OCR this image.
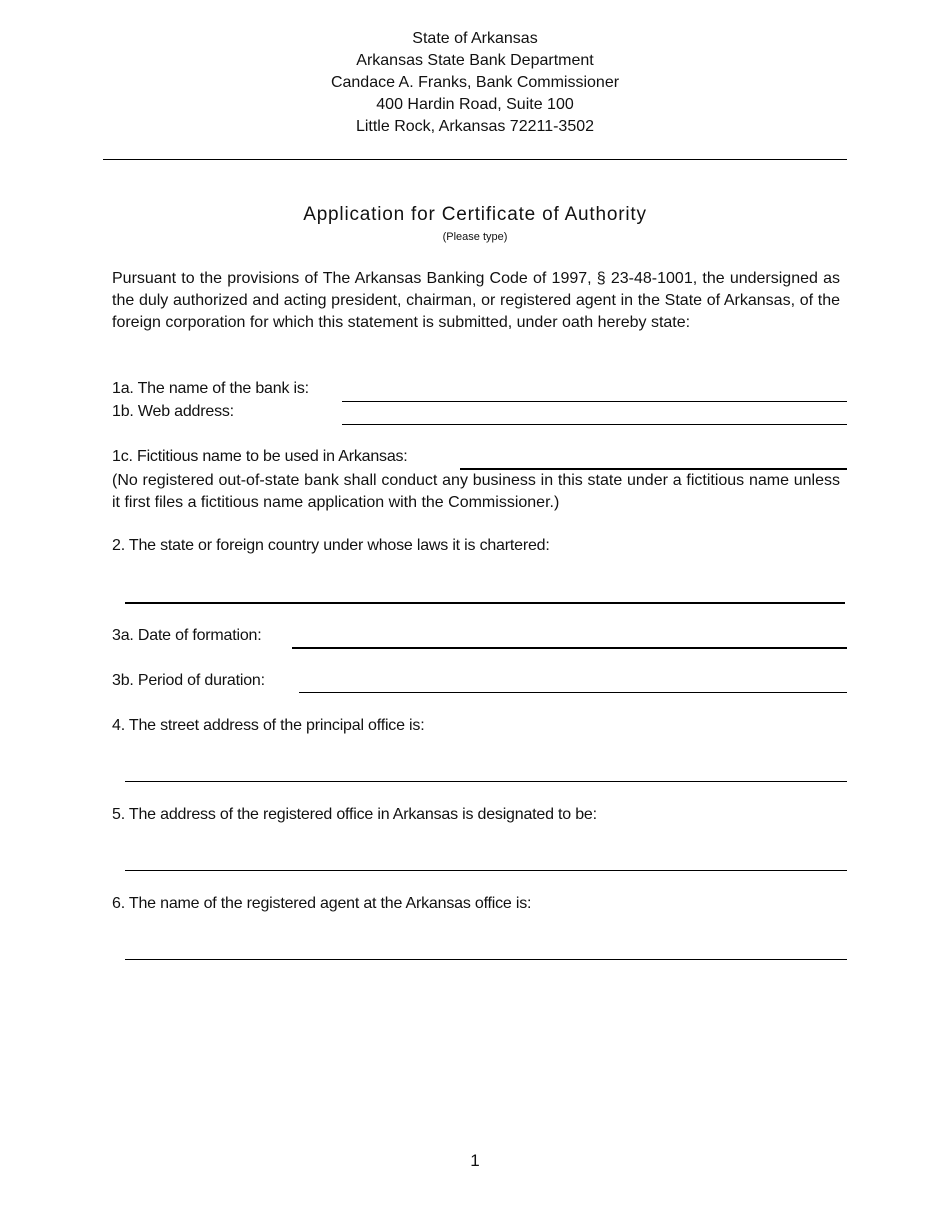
State of Arkansas
Arkansas State Bank Department
Candace A. Franks, Bank Commissioner
400 Hardin Road, Suite 100
Little Rock, Arkansas 72211-3502
Application for Certificate of Authority
(Please type)
Pursuant to the provisions of The Arkansas Banking Code of 1997, § 23-48-1001, the undersigned as the duly authorized and acting president, chairman, or registered agent in the State of Arkansas, of the foreign corporation for which this statement is submitted, under oath hereby state:
1a. The name of the bank is:
1b. Web address:
1c. Fictitious name to be used in Arkansas:
(No registered out-of-state bank shall conduct any business in this state under a fictitious name unless it first files a fictitious name application with the Commissioner.)
2. The state or foreign country under whose laws it is chartered:
3a. Date of formation:
3b. Period of duration:
4. The street address of the principal office is:
5. The address of the registered office in Arkansas is designated to be:
6. The name of the registered agent at the Arkansas office is:
1
